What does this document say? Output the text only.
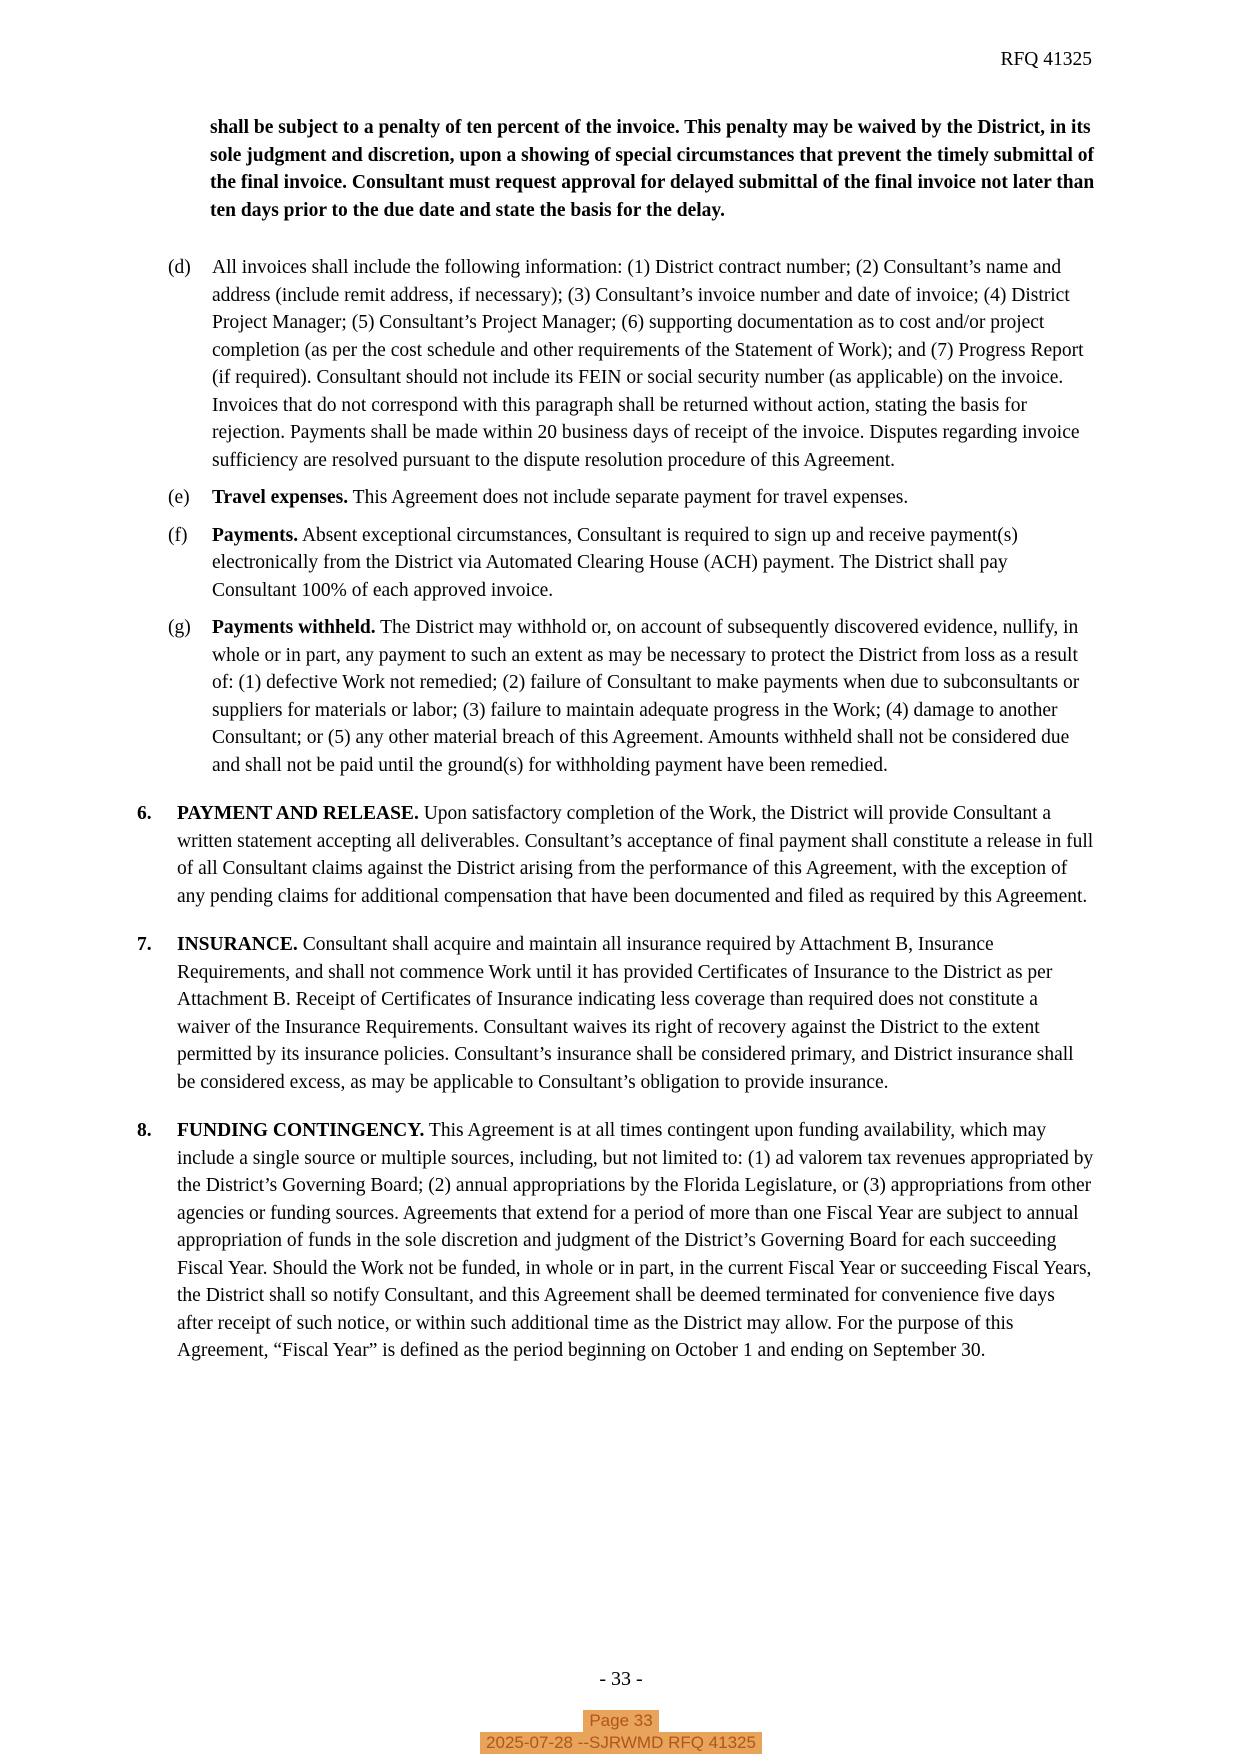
RFQ 41325

shall be subject to a penalty of ten percent of the invoice. This penalty may be waived by the District, in its sole judgment and discretion, upon a showing of special circumstances that prevent the timely submittal of the final invoice. Consultant must request approval for delayed submittal of the final invoice not later than ten days prior to the due date and state the basis for the delay.

(d)	All invoices shall include the following information: (1) District contract number; (2) Consultant’s name and address (include remit address, if necessary); (3) Consultant’s invoice number and date of invoice; (4) District Project Manager; (5) Consultant’s Project Manager; (6) supporting documentation as to cost and/or project completion (as per the cost schedule and other requirements of the Statement of Work); and (7) Progress Report (if required). Consultant should not include its FEIN or social security number (as applicable) on the invoice. Invoices that do not correspond with this paragraph shall be returned without action, stating the basis for rejection. Payments shall be made within 20 business days of receipt of the invoice. Disputes regarding invoice sufficiency are resolved pursuant to the dispute resolution procedure of this Agreement.
(e)	Travel expenses. This Agreement does not include separate payment for travel expenses.
(f)	Payments. Absent exceptional circumstances, Consultant is required to sign up and receive payment(s) electronically from the District via Automated Clearing House (ACH) payment. The District shall pay Consultant 100% of each approved invoice.
(g)	Payments withheld. The District may withhold or, on account of subsequently discovered evidence, nullify, in whole or in part, any payment to such an extent as may be necessary to protect the District from loss as a result of: (1) defective Work not remedied; (2) failure of Consultant to make payments when due to subconsultants or suppliers for materials or labor; (3) failure to maintain adequate progress in the Work; (4) damage to another Consultant; or (5) any other material breach of this Agreement. Amounts withheld shall not be considered due and shall not be paid until the ground(s) for withholding payment have been remedied.
6.	PAYMENT AND RELEASE. Upon satisfactory completion of the Work, the District will provide Consultant a written statement accepting all deliverables. Consultant’s acceptance of final payment shall constitute a release in full of all Consultant claims against the District arising from the performance of this Agreement, with the exception of any pending claims for additional compensation that have been documented and filed as required by this Agreement.
7.	INSURANCE. Consultant shall acquire and maintain all insurance required by Attachment B, Insurance Requirements, and shall not commence Work until it has provided Certificates of Insurance to the District as per Attachment B. Receipt of Certificates of Insurance indicating less coverage than required does not constitute a waiver of the Insurance Requirements. Consultant waives its right of recovery against the District to the extent permitted by its insurance policies. Consultant’s insurance shall be considered primary, and District insurance shall be considered excess, as may be applicable to Consultant’s obligation to provide insurance.
8.	FUNDING CONTINGENCY. This Agreement is at all times contingent upon funding availability, which may include a single source or multiple sources, including, but not limited to: (1) ad valorem tax revenues appropriated by the District’s Governing Board; (2) annual appropriations by the Florida Legislature, or (3) appropriations from other agencies or funding sources. Agreements that extend for a period of more than one Fiscal Year are subject to annual appropriation of funds in the sole discretion and judgment of the District’s Governing Board for each succeeding Fiscal Year. Should the Work not be funded, in whole or in part, in the current Fiscal Year or succeeding Fiscal Years, the District shall so notify Consultant, and this Agreement shall be deemed terminated for convenience five days after receipt of such notice, or within such additional time as the District may allow. For the purpose of this Agreement, “Fiscal Year” is defined as the period beginning on October 1 and ending on September 30.
- 33 -
Page 33
2025-07-28 --SJRWMD RFQ 41325
